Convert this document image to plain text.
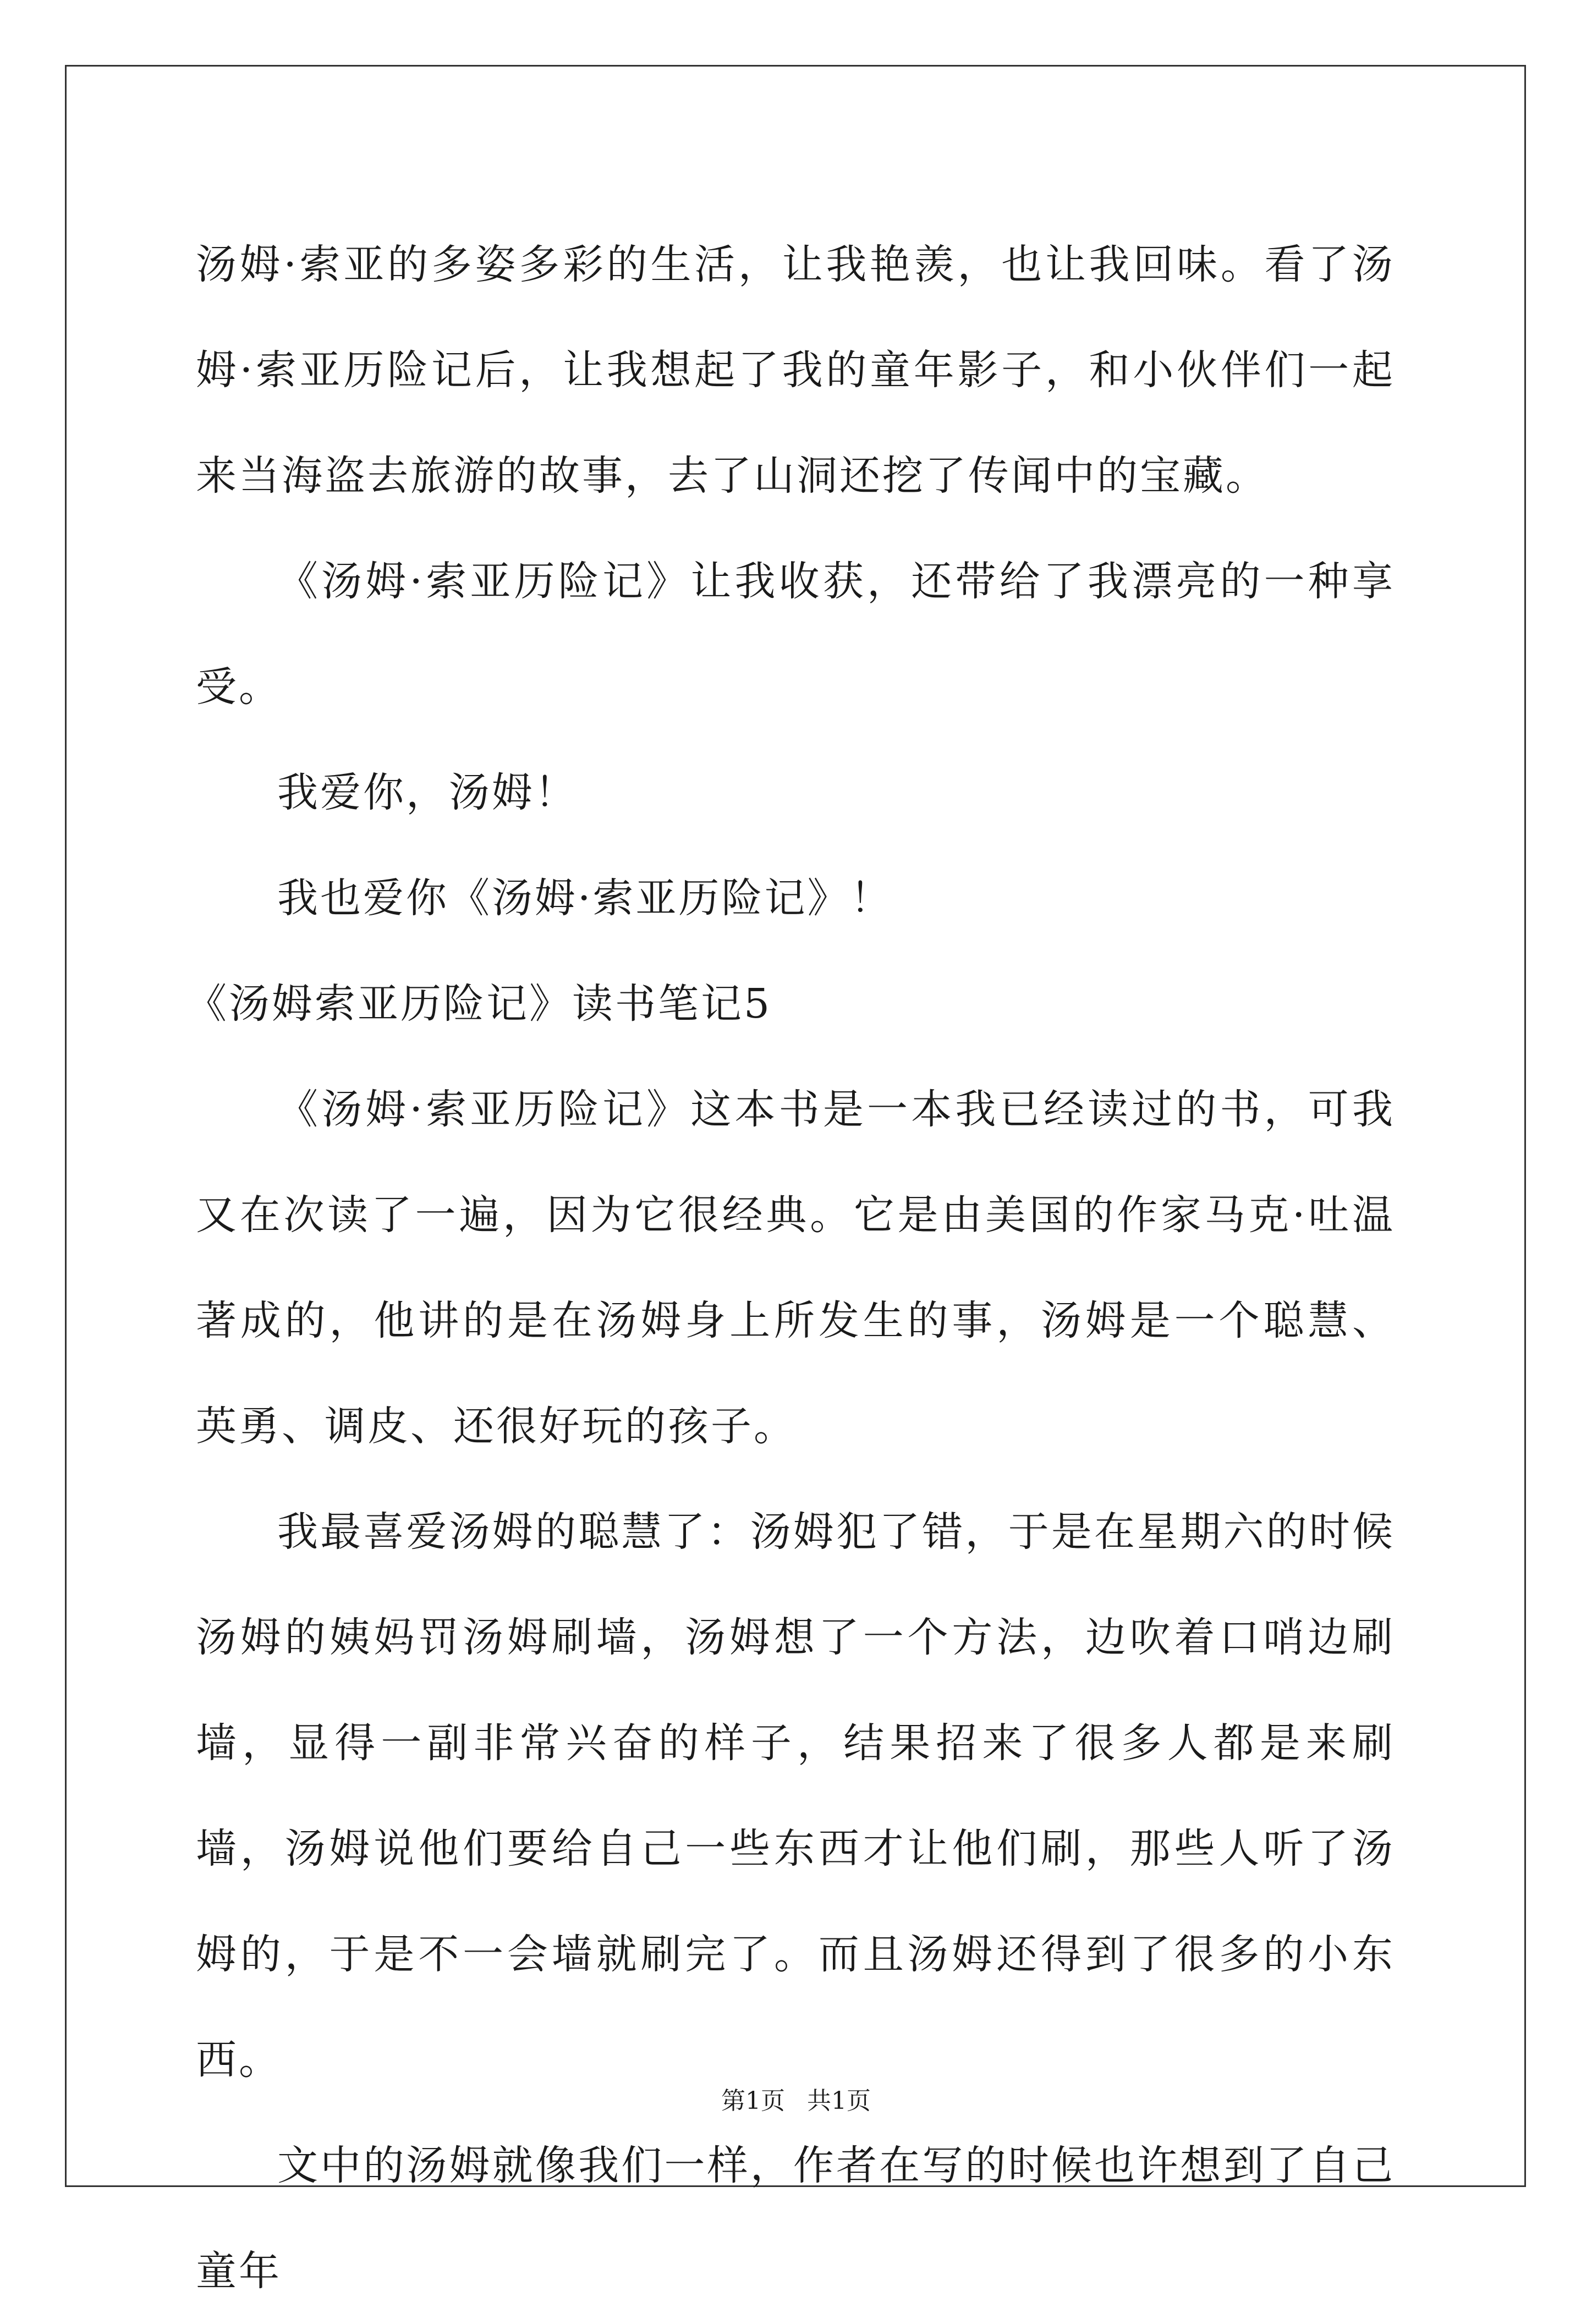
汤姆·索亚的多姿多彩的生活，让我艳羡，也让我回味。看了汤姆·索亚历险记后，让我想起了我的童年影子，和小伙伴们一起来当海盗去旅游的故事，去了山洞还挖了传闻中的宝藏。

《汤姆·索亚历险记》让我收获，还带给了我漂亮的一种享受。

我爱你，汤姆！

我也爱你《汤姆·索亚历险记》！

《汤姆索亚历险记》读书笔记5

《汤姆·索亚历险记》这本书是一本我已经读过的书，可我又在次读了一遍，因为它很经典。它是由美国的作家马克·吐温著成的，他讲的是在汤姆身上所发生的事，汤姆是一个聪慧、英勇、调皮、还很好玩的孩子。

我最喜爱汤姆的聪慧了：汤姆犯了错，于是在星期六的时候汤姆的姨妈罚汤姆刷墙，汤姆想了一个方法，边吹着口哨边刷墙，显得一副非常兴奋的样子，结果招来了很多人都是来刷墙，汤姆说他们要给自己一些东西才让他们刷，那些人听了汤姆的，于是不一会墙就刷完了。而且汤姆还得到了很多的小东西。

文中的汤姆就像我们一样，作者在写的时候也许想到了自己童年

第1页 共1页
